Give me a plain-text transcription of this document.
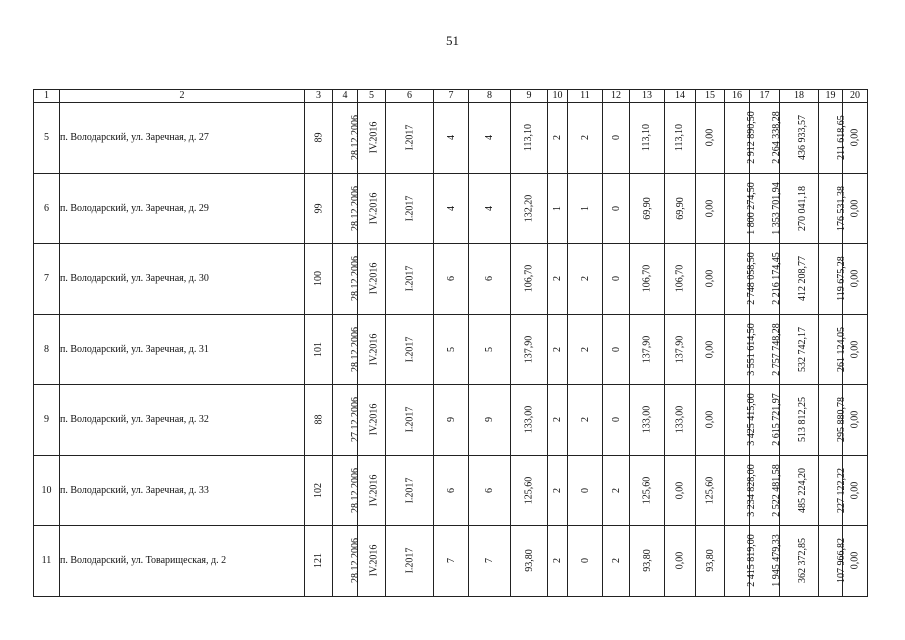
51
1	2	3	4	5	6	7	8	9	10	11	12	13	14	15	16	17	18	19	20
5	п. Володарский, ул. Заречная, д. 27	89	28.12.2006	IV.2016	I.2017	4	4	113,10	2	2	0	113,10	113,10	0,00	2 912 890,50	2 264 338,28	436 933,57	211 618,65	0,00
6	п. Володарский, ул. Заречная, д. 29	99	28.12.2006	IV.2016	I.2017	4	4	132,20	1	1	0	69,90	69,90	0,00	1 800 274,50	1 353 701,94	270 041,18	176 531,38	0,00
7	п. Володарский, ул. Заречная, д. 30	100	28.12.2006	IV.2016	I.2017	6	6	106,70	2	2	0	106,70	106,70	0,00	2 748 058,50	2 216 174,45	412 208,77	119 675,28	0,00
8	п. Володарский, ул. Заречная, д. 31	101	28.12.2006	IV.2016	I.2017	5	5	137,90	2	2	0	137,90	137,90	0,00	3 551 614,50	2 757 748,28	532 742,17	261 124,05	0,00
9	п. Володарский, ул. Заречная, д. 32	88	27.12.2006	IV.2016	I.2017	9	9	133,00	2	2	0	133,00	133,00	0,00	3 425 415,00	2 615 721,97	513 812,25	295 880,78	0,00
10	п. Володарский, ул. Заречная, д. 33	102	28.12.2006	IV.2016	I.2017	6	6	125,60	2	0	2	125,60	0,00	125,60	3 234 828,00	2 522 481,58	485 224,20	227 122,22	0,00
11	п. Володарский, ул. Товарищеская, д. 2	121	28.12.2006	IV.2016	I.2017	7	7	93,80	2	0	2	93,80	0,00	93,80	2 415 819,00	1 945 479,33	362 372,85	107 966,82	0,00
